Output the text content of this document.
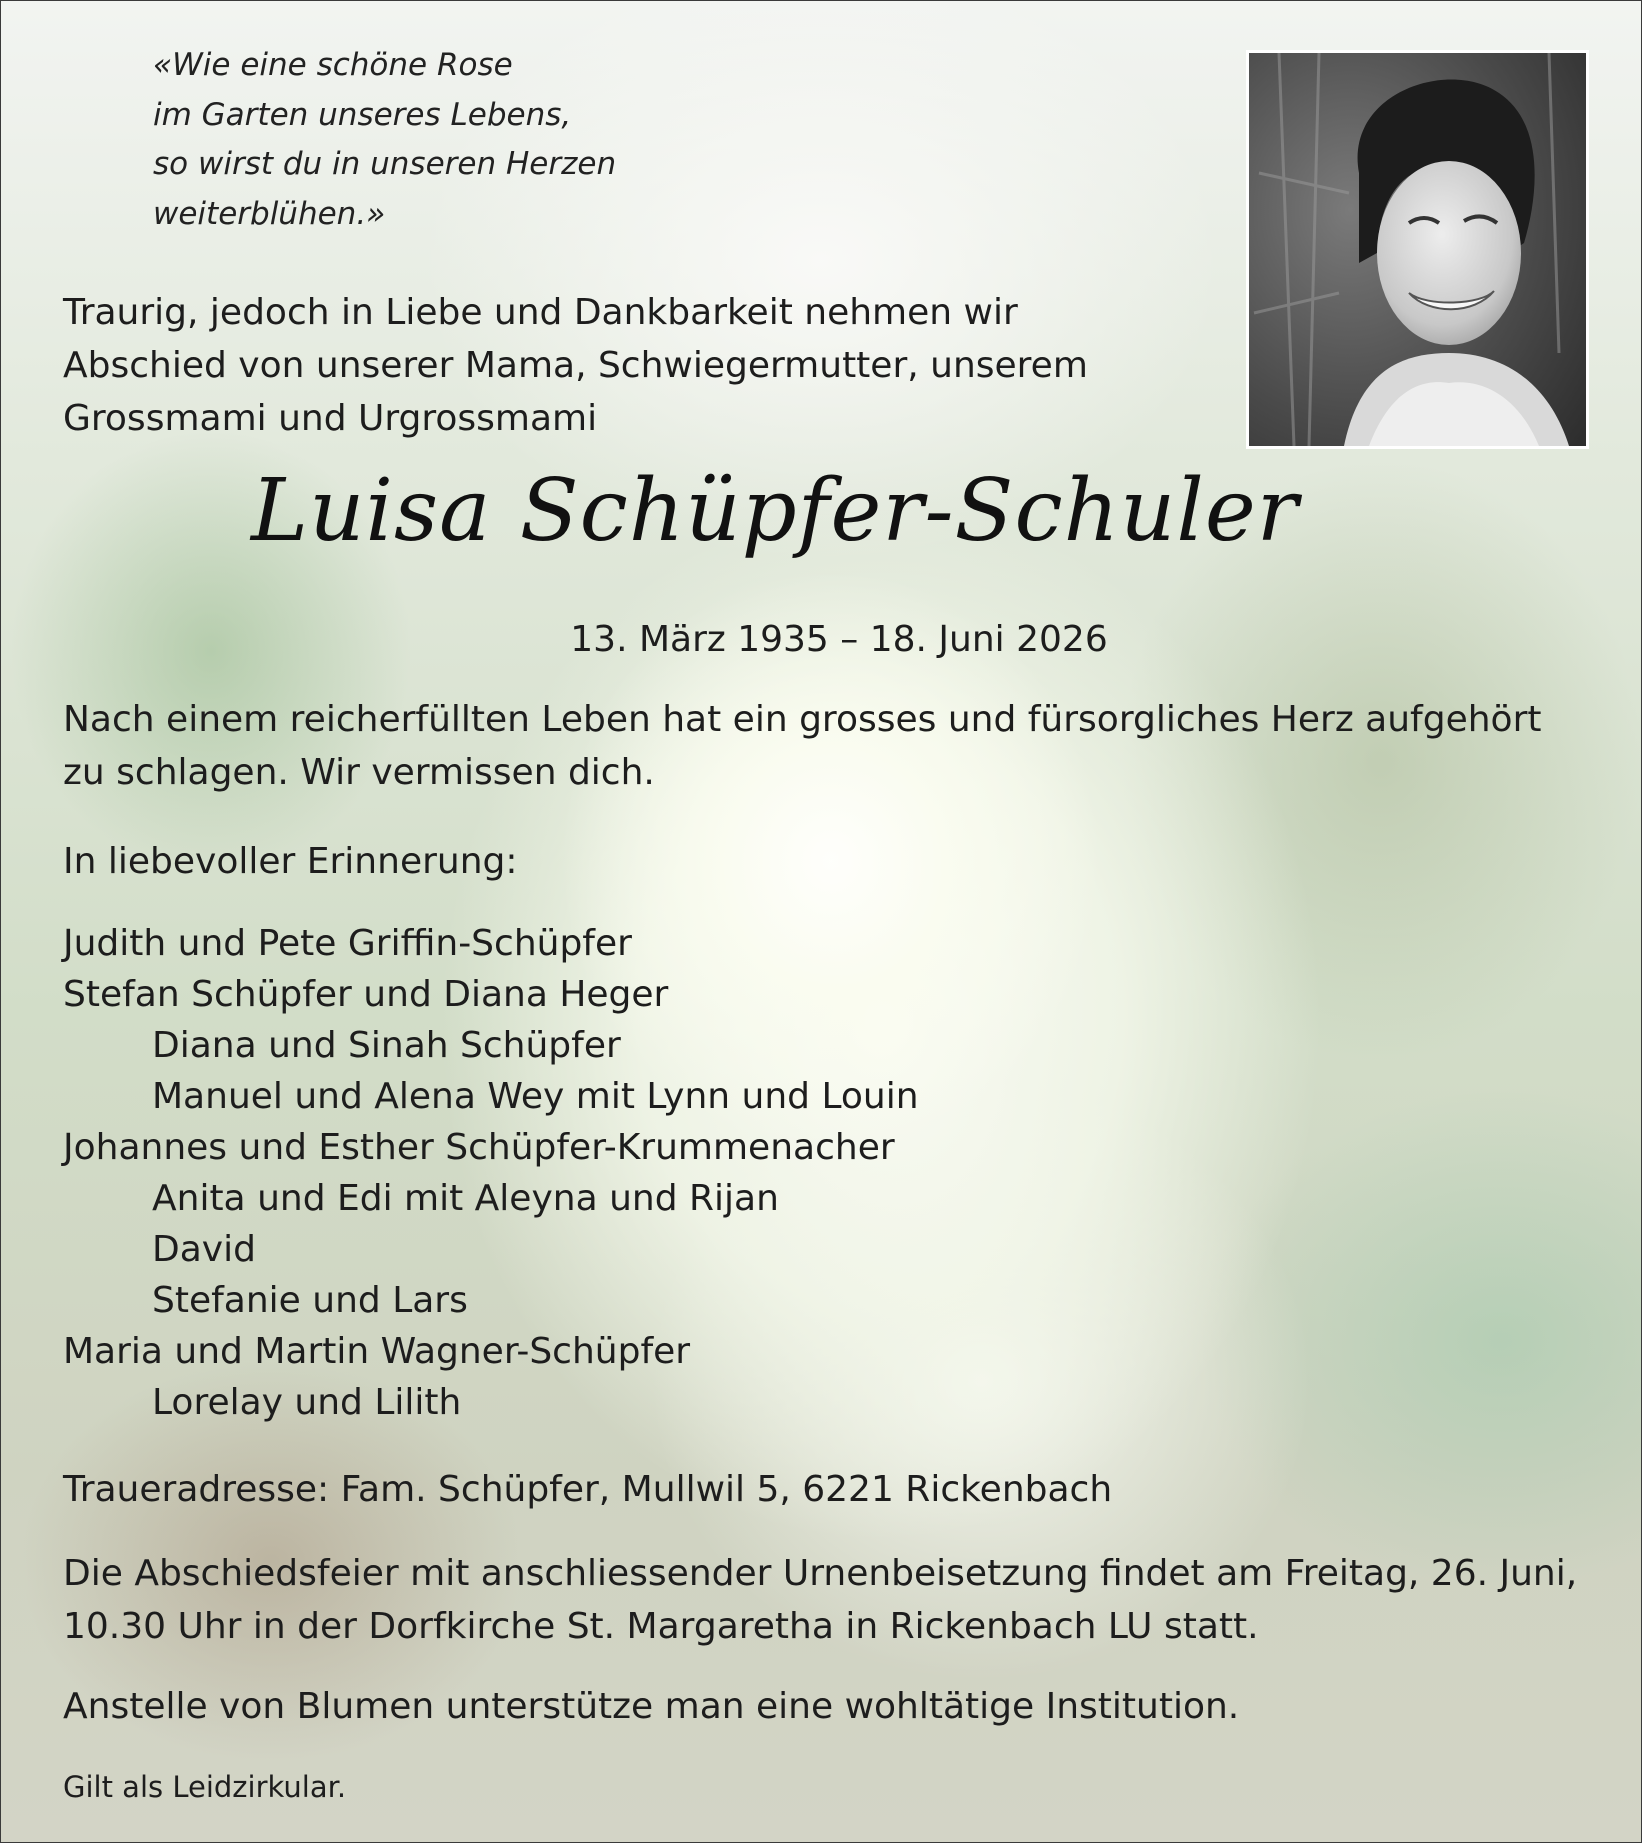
«Wie eine schöne Rose
im Garten unseres Lebens,
so wirst du in unseren Herzen
weiterblühen.»
Traurig, jedoch in Liebe und Dankbarkeit nehmen wir
Abschied von unserer Mama, Schwiegermutter, unserem
Grossmami und Urgrossmami
Luisa Schüpfer-Schuler
13. März 1935 – 18. Juni 2026
Nach einem reicherfüllten Leben hat ein grosses und fürsorgliches Herz aufgehört
zu schlagen. Wir vermissen dich.
In liebevoller Erinnerung:
Judith und Pete Griffin-Schüpfer
Stefan Schüpfer und Diana Heger
Diana und Sinah Schüpfer
Manuel und Alena Wey mit Lynn und Louin
Johannes und Esther Schüpfer-Krummenacher
Anita und Edi mit Aleyna und Rijan
David
Stefanie und Lars
Maria und Martin Wagner-Schüpfer
Lorelay und Lilith
Traueradresse: Fam. Schüpfer, Mullwil 5, 6221 Rickenbach
Die Abschiedsfeier mit anschliessender Urnenbeisetzung findet am Freitag, 26. Juni,
10.30 Uhr in der Dorfkirche St. Margaretha in Rickenbach LU statt.
Anstelle von Blumen unterstütze man eine wohltätige Institution.
Gilt als Leidzirkular.
